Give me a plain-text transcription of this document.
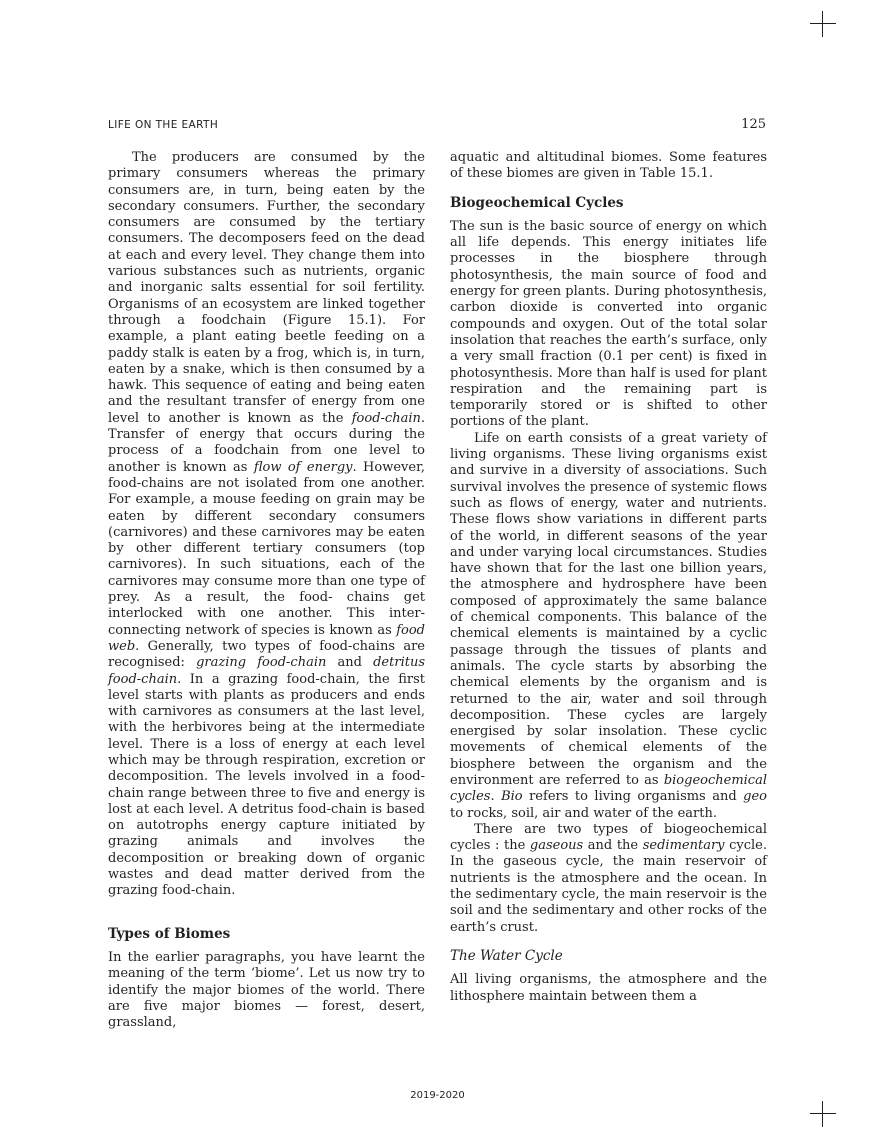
LIFE ON THE EARTH	125

The producers are consumed by the primary consumers whereas the primary consumers are, in turn, being eaten by the secondary consumers. Further, the secondary consumers are consumed by the tertiary consumers. The decomposers feed on the dead at each and every level. They change them into various substances such as nutrients, organic and inorganic salts essential for soil fertility. Organisms of an ecosystem are linked together through a foodchain (Figure 15.1). For example, a plant eating beetle feeding on a paddy stalk is eaten by a frog, which is, in turn, eaten by a snake, which is then consumed by a hawk. This sequence of eating and being eaten and the resultant transfer of energy from one level to another is known as the food-chain. Transfer of energy that occurs during the process of a foodchain from one level to another is known as flow of energy. However, food-chains are not isolated from one another. For example, a mouse feeding on grain may be eaten by different secondary consumers (carnivores) and these carnivores may be eaten by other different tertiary consumers (top carnivores). In such situations, each of the carnivores may consume more than one type of prey. As a result, the food- chains get interlocked with one another. This inter-connecting network of species is known as food web. Generally, two types of food-chains are recognised: grazing food-chain and detritus food-chain. In a grazing food-chain, the first level starts with plants as producers and ends with carnivores as consumers at the last level, with the herbivores being at the intermediate level. There is a loss of energy at each level which may be through respiration, excretion or decomposition. The levels involved in a food-chain range between three to five and energy is lost at each level. A detritus food-chain is based on autotrophs energy capture initiated by grazing animals and involves the decomposition or breaking down of organic wastes and dead matter derived from the grazing food-chain.

Types of Biomes

In the earlier paragraphs, you have learnt the meaning of the term ‘biome’. Let us now try to identify the major biomes of the world. There are five major biomes — forest, desert, grassland,

aquatic and altitudinal biomes. Some features of these biomes are given in Table 15.1.

Biogeochemical Cycles

The sun is the basic source of energy on which all life depends. This energy initiates life processes in the biosphere through photosynthesis, the main source of food and energy for green plants. During photosynthesis, carbon dioxide is converted into organic compounds and oxygen. Out of the total solar insolation that reaches the earth’s surface, only a very small fraction (0.1 per cent) is fixed in photosynthesis. More than half is used for plant respiration and the remaining part is temporarily stored or is shifted to other portions of the plant.

Life on earth consists of a great variety of living organisms. These living organisms exist and survive in a diversity of associations. Such survival involves the presence of systemic flows such as flows of energy, water and nutrients. These flows show variations in different parts of the world, in different seasons of the year and under varying local circumstances. Studies have shown that for the last one billion years, the atmosphere and hydrosphere have been composed of approximately the same balance of chemical components. This balance of the chemical elements is maintained by a cyclic passage through the tissues of plants and animals. The cycle starts by absorbing the chemical elements by the organism and is returned to the air, water and soil through decomposition. These cycles are largely energised by solar insolation. These cyclic movements of chemical elements of the biosphere between the organism and the environment are referred to as biogeochemical cycles. Bio refers to living organisms and geo to rocks, soil, air and water of the earth.

There are two types of biogeochemical cycles : the gaseous and the sedimentary cycle. In the gaseous cycle, the main reservoir of nutrients is the atmosphere and the ocean. In the sedimentary cycle, the main reservoir is the soil and the sedimentary and other rocks of the earth’s crust.

The Water Cycle

All living organisms, the atmosphere and the lithosphere maintain between them a

2019-2020
